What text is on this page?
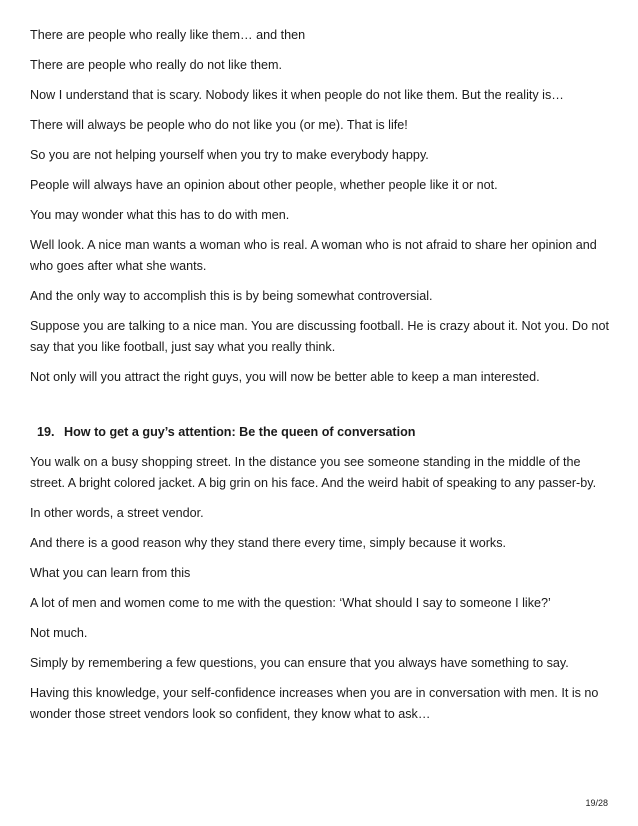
There are people who really like them… and then

There are people who really do not like them.

Now I understand that is scary. Nobody likes it when people do not like them. But the reality is…

There will always be people who do not like you (or me). That is life!

So you are not helping yourself when you try to make everybody happy.

People will always have an opinion about other people, whether people like it or not.

You may wonder what this has to do with men.

Well look. A nice man wants a woman who is real. A woman who is not afraid to share her opinion and who goes after what she wants.

And the only way to accomplish this is by being somewhat controversial.

Suppose you are talking to a nice man. You are discussing football. He is crazy about it. Not you. Do not say that you like football, just say what you really think.

Not only will you attract the right guys, you will now be better able to keep a man interested.

19. How to get a guy’s attention: Be the queen of conversation

You walk on a busy shopping street. In the distance you see someone standing in the middle of the street. A bright colored jacket. A big grin on his face. And the weird habit of speaking to any passer-by.

In other words, a street vendor.

And there is a good reason why they stand there every time, simply because it works.

What you can learn from this

A lot of men and women come to me with the question: ‘What should I say to someone I like?’

Not much.

Simply by remembering a few questions, you can ensure that you always have something to say.

Having this knowledge, your self-confidence increases when you are in conversation with men. It is no wonder those street vendors look so confident, they know what to ask…

19/28
